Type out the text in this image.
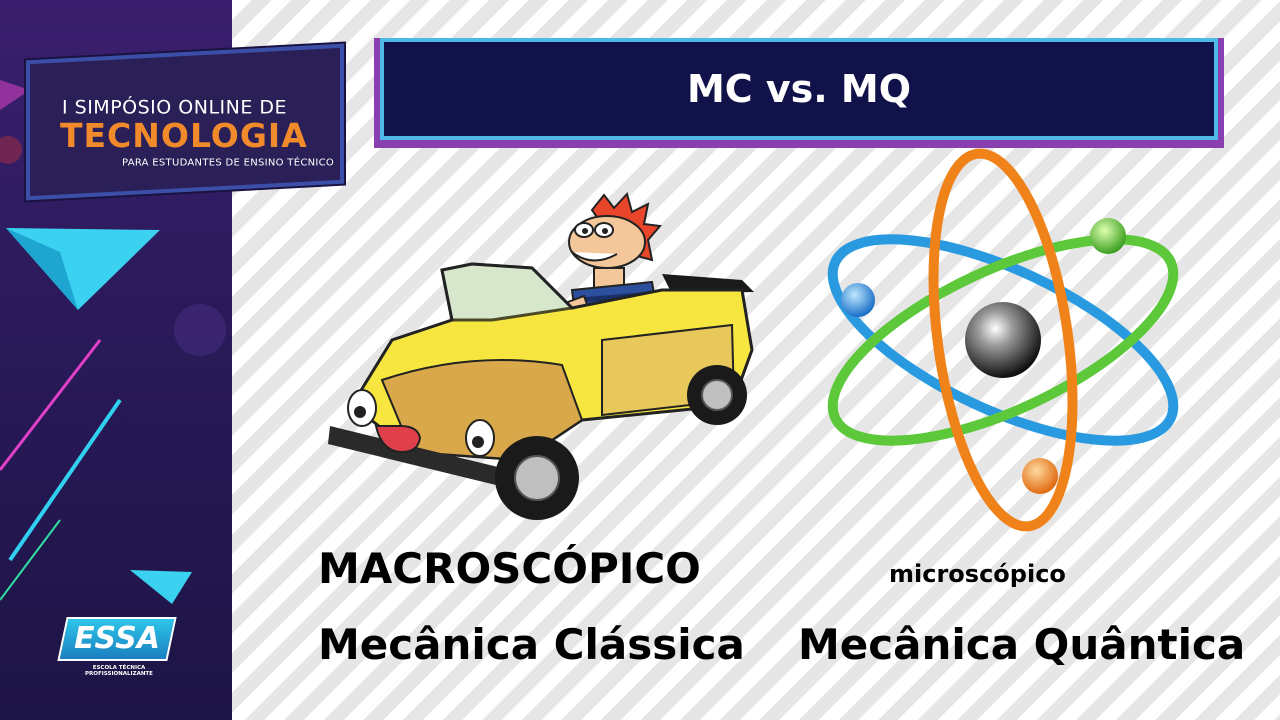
I SIMPÓSIO ONLINE DE
TECNOLOGIA
PARA ESTUDANTES DE ENSINO TÉCNICO
ESSA
ESCOLA TÉCNICA PROFISSIONALIZANTE
MC vs. MQ
MACROSCÓPICO
Mecânica Clássica
microscópico
Mecânica Quântica
